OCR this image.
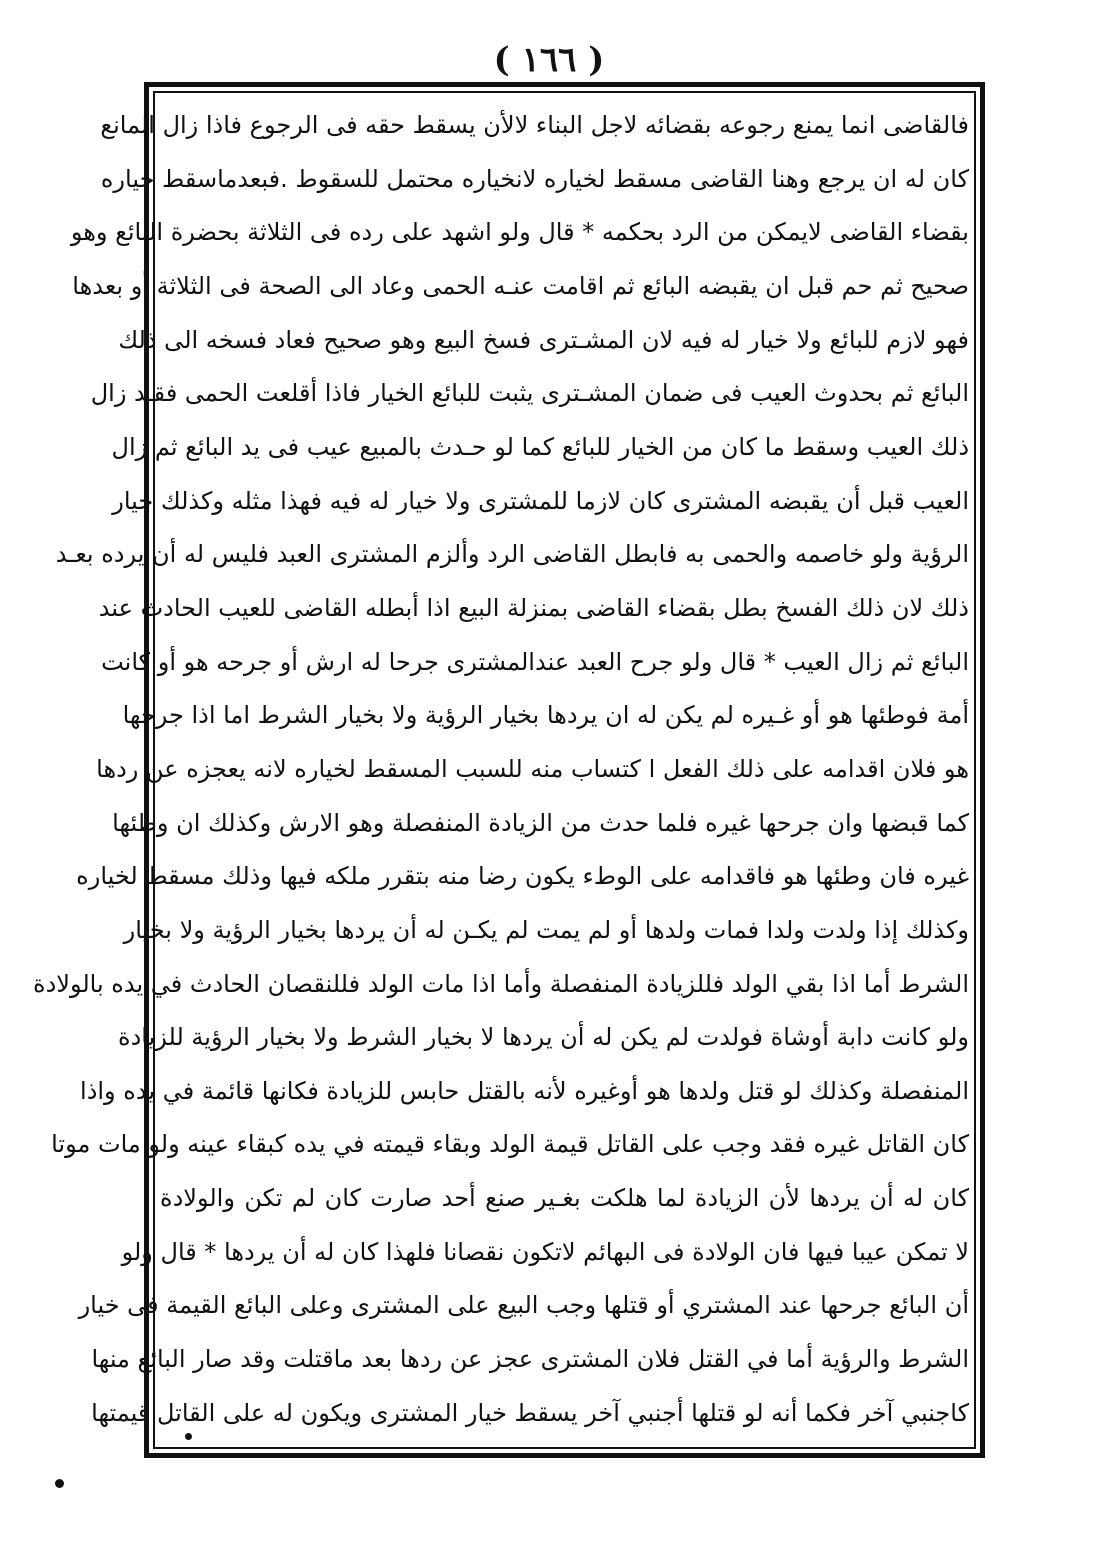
( ١٦٦ )
فالقاضى انما يمنع رجوعه بقضائه لاجل البناء لالأن يسقط حقه فى الرجوع فاذا زال المانع
كان له ان يرجع وهنا القاضى مسقط لخياره لانخياره محتمل للسقوط .فبعدماسقط خياره
بقضاء القاضى لايمكن من الرد بحكمه * قال ولو اشهد على رده فى الثلاثة بحضرة البائع وهو
صحيح ثم حم قبل ان يقبضه البائع ثم اقامت عنـه الحمى وعاد الى الصحة فى الثلاثة أو بعدها
فهو لازم للبائع ولا خيار له فيه لان المشـترى فسخ البيع وهو صحيح فعاد فسخه الى ذلك
البائع ثم بحدوث العيب فى ضمان المشـترى يثبت للبائع الخيار فاذا أقلعت الحمى فقـد زال
ذلك العيب وسقط ما كان من الخيار للبائع كما لو حـدث بالمبيع عيب فى يد البائع ثم زال
العيب قبل أن يقبضه المشترى كان لازما للمشترى ولا خيار له فيه فهذا مثله وكذلك خيار
الرؤية ولو خاصمه والحمى به فابطل القاضى الرد وألزم المشترى العبد فليس له أن يرده بعـد
ذلك لان ذلك الفسخ بطل بقضاء القاضى بمنزلة البيع اذا أبطله القاضى للعيب الحادث عند
البائع ثم زال العيب * قال ولو جرح العبد عندالمشترى جرحا له ارش أو جرحه هو أو كانت
أمة فوطئها هو أو غـيره لم يكن له ان يردها بخيار الرؤية ولا بخيار الشرط اما اذا جرحها
هو فلان اقدامه على ذلك الفعل ا كتساب منه للسبب المسقط لخياره لانه يعجزه عن ردها
كما قبضها وان جرحها غيره فلما حدث من الزيادة المنفصلة وهو الارش وكذلك ان وطئها
غيره فان وطئها هو فاقدامه على الوطء يكون رضا منه بتقرر ملكه فيها وذلك مسقط لخياره
وكذلك إذا ولدت ولدا فمات ولدها أو لم يمت لم يكـن له أن يردها بخيار الرؤية ولا بخيار
الشرط أما اذا بقي الولد فللزيادة المنفصلة وأما اذا مات الولد فللنقصان الحادث في يده بالولادة
ولو كانت دابة أوشاة فولدت لم يكن له أن يردها لا بخيار الشرط ولا بخيار الرؤية للزيادة
المنفصلة وكذلك لو قتل ولدها هو أوغيره لأنه بالقتل حابس للزيادة فكانها قائمة في يده واذا
كان القاتل غيره فقد وجب على القاتل قيمة الولد وبقاء قيمته في يده كبقاء عينه ولو مات موتا
كان له أن يردها لأن الزيادة لما هلكت بغـير صنع أحد صارت كان لم تكن والولادة
لا تمكن عيبا فيها فان الولادة فى البهائم لاتكون نقصانا فلهذا كان له أن يردها * قال ولو
أن البائع جرحها عند المشتري أو قتلها وجب البيع على المشترى وعلى البائع القيمة فى خيار
الشرط والرؤية أما في القتل فلان المشترى عجز عن ردها بعد ماقتلت وقد صار البائع منها
كاجنبي آخر فكما أنه لو قتلها أجنبي آخر يسقط خيار المشترى ويكون له على القاتل قيمتها
